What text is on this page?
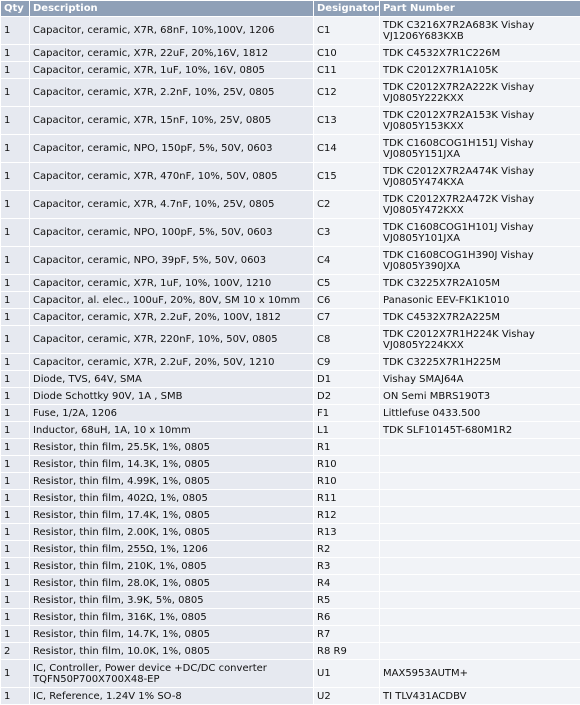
Qty	Description	Designator	Part Number
1	Capacitor, ceramic, X7R, 68nF, 10%,100V, 1206	C1	TDK C3216X7R2A683K Vishay
VJ1206Y683KXB

1	Capacitor, ceramic, X7R, 22uF, 20%,16V, 1812	C10	TDK C4532X7R1C226M

1	Capacitor, ceramic, X7R, 1uF, 10%, 16V, 0805	C11	TDK C2012X7R1A105K

1	Capacitor, ceramic, X7R, 2.2nF, 10%, 25V, 0805	C12	TDK C2012X7R2A222K Vishay
VJ0805Y222KXX

1	Capacitor, ceramic, X7R, 15nF, 10%, 25V, 0805	C13	TDK C2012X7R2A153K Vishay
VJ0805Y153KXX

1	Capacitor, ceramic, NPO, 150pF, 5%, 50V, 0603	C14	TDK C1608COG1H151J Vishay
VJ0805Y151JXA

1	Capacitor, ceramic, X7R, 470nF, 10%, 50V, 0805	C15	TDK C2012X7R2A474K Vishay
VJ0805Y474KXA

1	Capacitor, ceramic, X7R, 4.7nF, 10%, 25V, 0805	C2	TDK C2012X7R2A472K Vishay
VJ0805Y472KXX

1	Capacitor, ceramic, NPO, 100pF, 5%, 50V, 0603	C3	TDK C1608COG1H101J Vishay
VJ0805Y101JXA

1	Capacitor, ceramic, NPO, 39pF, 5%, 50V, 0603	C4	TDK C1608COG1H390J Vishay
VJ0805Y390JXA

1	Capacitor, ceramic, X7R, 1uF, 10%, 100V, 1210	C5	TDK C3225X7R2A105M

1	Capacitor, al. elec., 100uF, 20%, 80V, SM 10 x 10mm	C6	Panasonic EEV-FK1K1010

1	Capacitor, ceramic, X7R, 2.2uF, 20%, 100V, 1812	C7	TDK C4532X7R2A225M

1	Capacitor, ceramic, X7R, 220nF, 10%, 50V, 0805	C8	TDK C2012X7R1H224K Vishay
VJ0805Y224KXX

1	Capacitor, ceramic, X7R, 2.2uF, 20%, 50V, 1210	C9	TDK C3225X7R1H225M

1	Diode, TVS, 64V, SMA	D1	Vishay SMAJ64A

1	Diode Schottky 90V, 1A , SMB	D2	ON Semi MBRS190T3

1	Fuse, 1/2A, 1206	F1	Littlefuse 0433.500

1	Inductor, 68uH, 1A, 10 x 10mm	L1	TDK SLF10145T-680M1R2

1	Resistor, thin film, 25.5K, 1%, 0805	R1	

1	Resistor, thin film, 14.3K, 1%, 0805	R10	

1	Resistor, thin film, 4.99K, 1%, 0805	R10	

1	Resistor, thin film, 402Ω, 1%, 0805	R11	

1	Resistor, thin film, 17.4K, 1%, 0805	R12	

1	Resistor, thin film, 2.00K, 1%, 0805	R13	

1	Resistor, thin film, 255Ω, 1%, 1206	R2	

1	Resistor, thin film, 210K, 1%, 0805	R3	

1	Resistor, thin film, 28.0K, 1%, 0805	R4	

1	Resistor, thin film, 3.9K, 5%, 0805	R5	

1	Resistor, thin film, 316K, 1%, 0805	R6	

1	Resistor, thin film, 14.7K, 1%, 0805	R7	

2	Resistor, thin film, 10.0K, 1%, 0805	R8 R9	

1	IC, Controller, Power device +DC/DC converter
TQFN50P700X700X48-EP	U1	MAX5953AUTM+

1	IC, Reference, 1.24V 1% SO-8	U2	TI TLV431ACDBV
